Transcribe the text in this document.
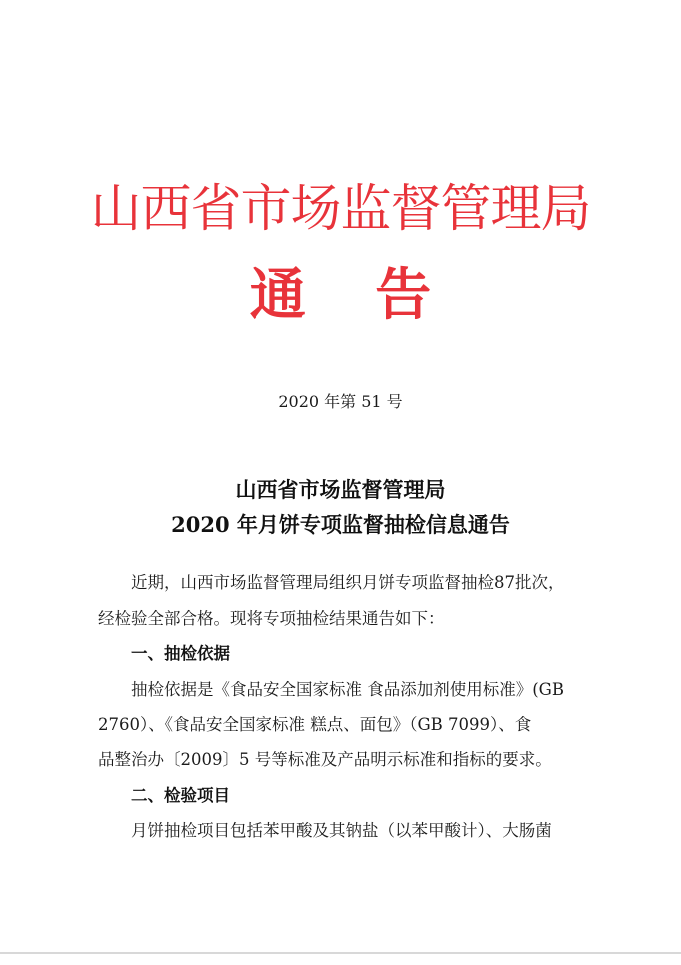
山西省市场监督管理局
通 告
2020 年第 51 号
山西省市场监督管理局
2020 年月饼专项监督抽检信息通告
近期，山西市场监督管理局组织月饼专项监督抽检87批次，
经检验全部合格。现将专项抽检结果通告如下：
一、抽检依据
抽检依据是《食品安全国家标准 食品添加剂使用标准》(GB
2760）、《食品安全国家标准 糕点、面包》（GB 7099）、食
品整治办〔2009〕5 号等标准及产品明示标准和指标的要求。
二、检验项目
月饼抽检项目包括苯甲酸及其钠盐（以苯甲酸计）、大肠菌
